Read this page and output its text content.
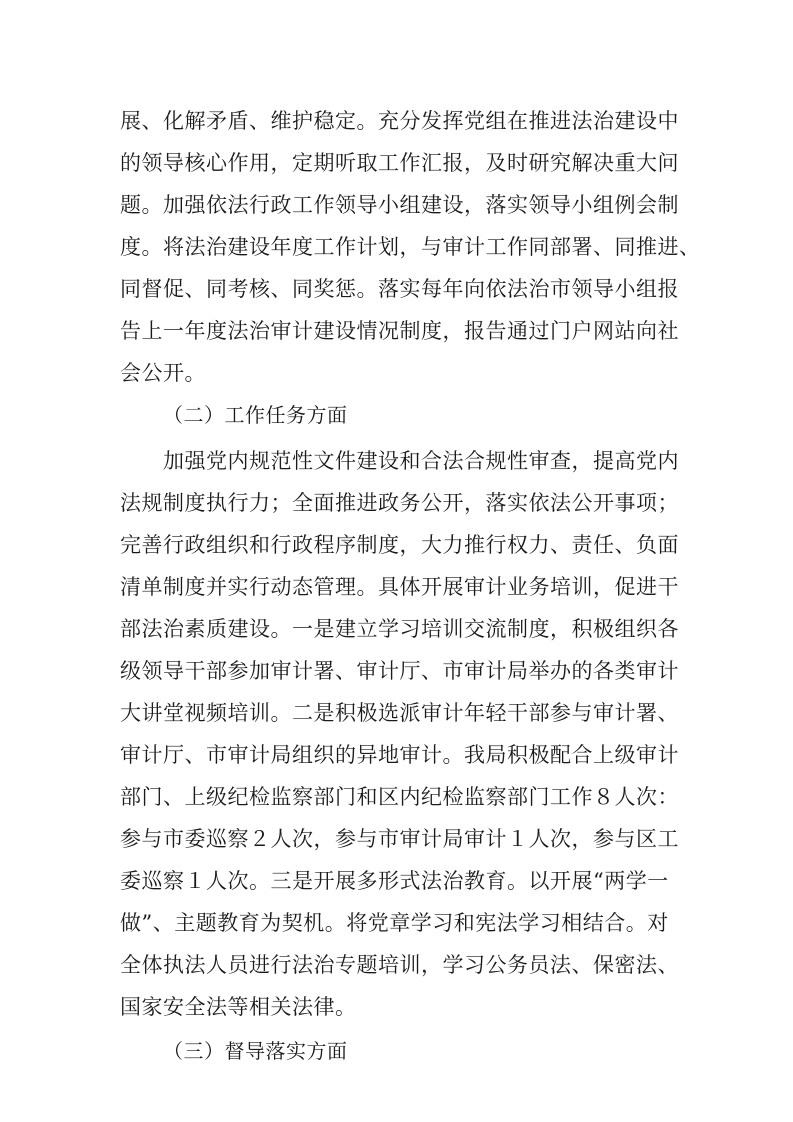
展、化解矛盾、维护稳定。充分发挥党组在推进法治建设中
的领导核心作用，定期听取工作汇报，及时研究解决重大问
题。加强依法行政工作领导小组建设，落实领导小组例会制
度。将法治建设年度工作计划，与审计工作同部署、同推进、
同督促、同考核、同奖惩。落实每年向依法治市领导小组报
告上一年度法治审计建设情况制度，报告通过门户网站向社
会公开。
（二）工作任务方面
加强党内规范性文件建设和合法合规性审查，提高党内
法规制度执行力；全面推进政务公开，落实依法公开事项；
完善行政组织和行政程序制度，大力推行权力、责任、负面
清单制度并实行动态管理。具体开展审计业务培训，促进干
部法治素质建设。一是建立学习培训交流制度，积极组织各
级领导干部参加审计署、审计厅、市审计局举办的各类审计
大讲堂视频培训。二是积极选派审计年轻干部参与审计署、
审计厅、市审计局组织的异地审计。我局积极配合上级审计
部门、上级纪检监察部门和区内纪检监察部门工作８人次：
参与市委巡察２人次，参与市审计局审计１人次，参与区工
委巡察１人次。三是开展多形式法治教育。以开展“两学一
做”、主题教育为契机。将党章学习和宪法学习相结合。对
全体执法人员进行法治专题培训，学习公务员法、保密法、
国家安全法等相关法律。
（三）督导落实方面
